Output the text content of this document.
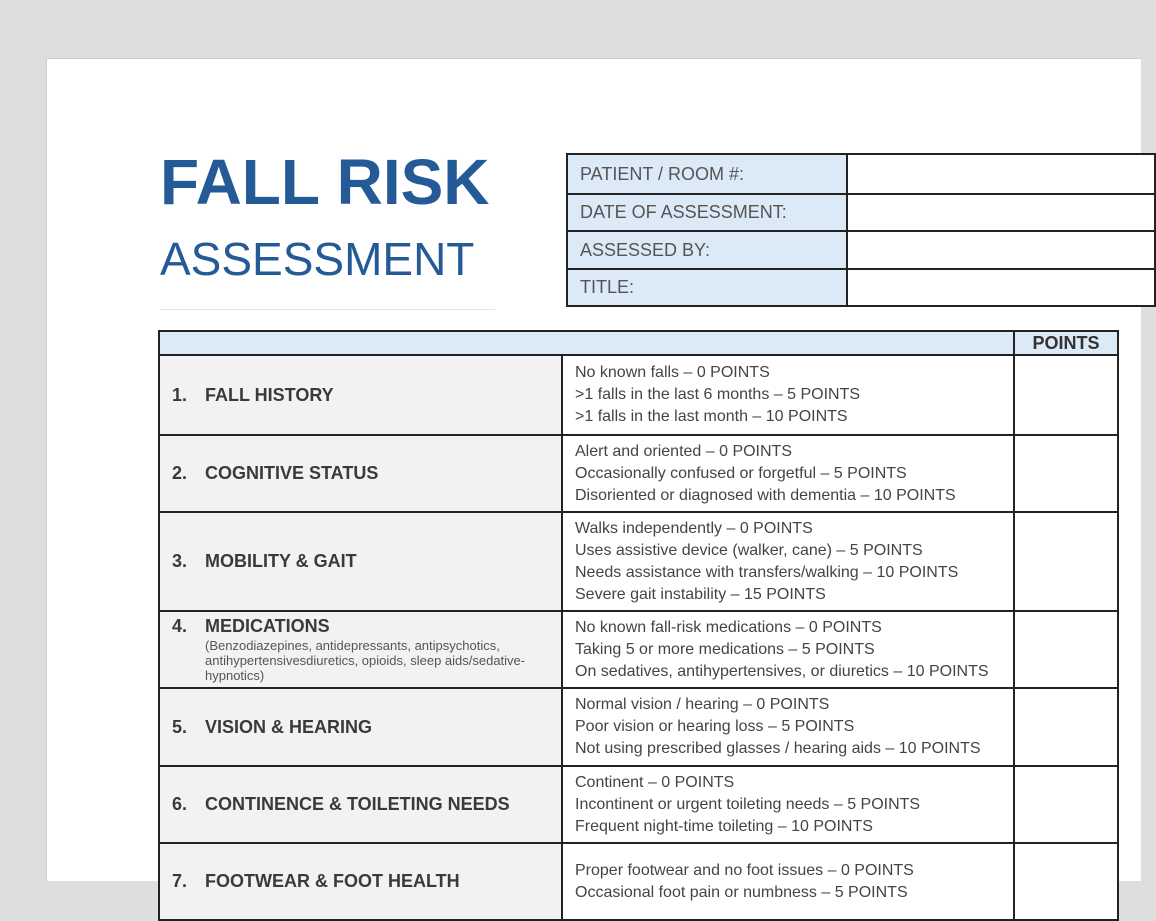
FALL RISK
ASSESSMENT
PATIENT / ROOM #:	
DATE OF ASSESSMENT:	
ASSESSED BY:	
TITLE:	
		POINTS

1. FALL HISTORY	No known falls – 0 POINTS
>1 falls in the last 6 months – 5 POINTS
>1 falls in the last month – 10 POINTS	

2. COGNITIVE STATUS	Alert and oriented – 0 POINTS
Occasionally confused or forgetful – 5 POINTS
Disoriented or diagnosed with dementia – 10 POINTS	

3. MOBILITY & GAIT	Walks independently – 0 POINTS
Uses assistive device (walker, cane) – 5 POINTS
Needs assistance with transfers/walking – 10 POINTS
Severe gait instability – 15 POINTS	

4. MEDICATIONS
(Benzodiazepines, antidepressants, antipsychotics, antihypertensivesdiuretics, opioids, sleep aids/sedative-hypnotics)	No known fall-risk medications – 0 POINTS
Taking 5 or more medications – 5 POINTS
On sedatives, antihypertensives, or diuretics – 10 POINTS	

5. VISION & HEARING	Normal vision / hearing – 0 POINTS
Poor vision or hearing loss – 5 POINTS
Not using prescribed glasses / hearing aids – 10 POINTS	

6. CONTINENCE & TOILETING NEEDS	Continent – 0 POINTS
Incontinent or urgent toileting needs – 5 POINTS
Frequent night-time toileting – 10 POINTS	

7. FOOTWEAR & FOOT HEALTH	Proper footwear and no foot issues – 0 POINTS
Occasional foot pain or numbness – 5 POINTS	
